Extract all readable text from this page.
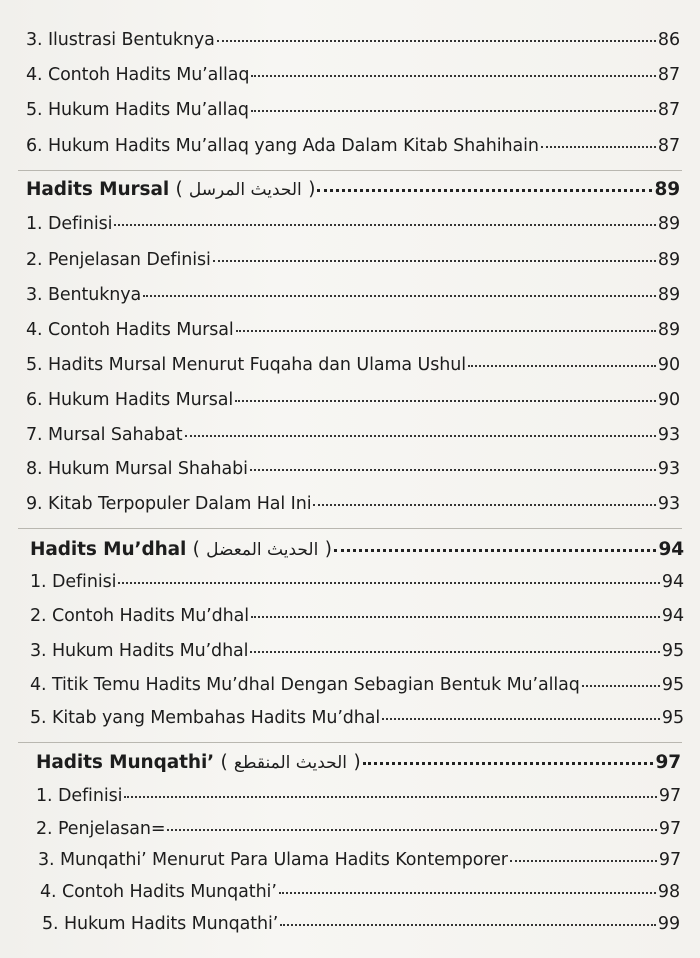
3. Ilustrasi Bentuknya	86
4. Contoh Hadits Mu’allaq	87
5. Hukum Hadits Mu’allaq	87
6. Hukum Hadits Mu’allaq yang Ada Dalam Kitab Shahihain	87
Hadits Mursal ( الحديث المرسل )	89
1. Definisi	89
2. Penjelasan Definisi	89
3. Bentuknya	89
4. Contoh Hadits Mursal	89
5. Hadits Mursal Menurut Fuqaha dan Ulama Ushul	90
6. Hukum Hadits Mursal	90
7. Mursal Sahabat	93
8. Hukum Mursal Shahabi	93
9. Kitab Terpopuler Dalam Hal Ini	93
Hadits Mu’dhal ( الحديث المعضل )	94
1. Definisi	94
2. Contoh Hadits Mu’dhal	94
3. Hukum Hadits Mu’dhal	95
4. Titik Temu Hadits Mu’dhal Dengan Sebagian Bentuk Mu’allaq	95
5. Kitab yang Membahas Hadits Mu’dhal	95
Hadits Munqathi’ ( الحديث المنقطع )	97
1. Definisi	97
2. Penjelasan=	97
3. Munqathi’ Menurut Para Ulama Hadits Kontemporer	97
4. Contoh Hadits Munqathi’	98
5. Hukum Hadits Munqathi’	99
